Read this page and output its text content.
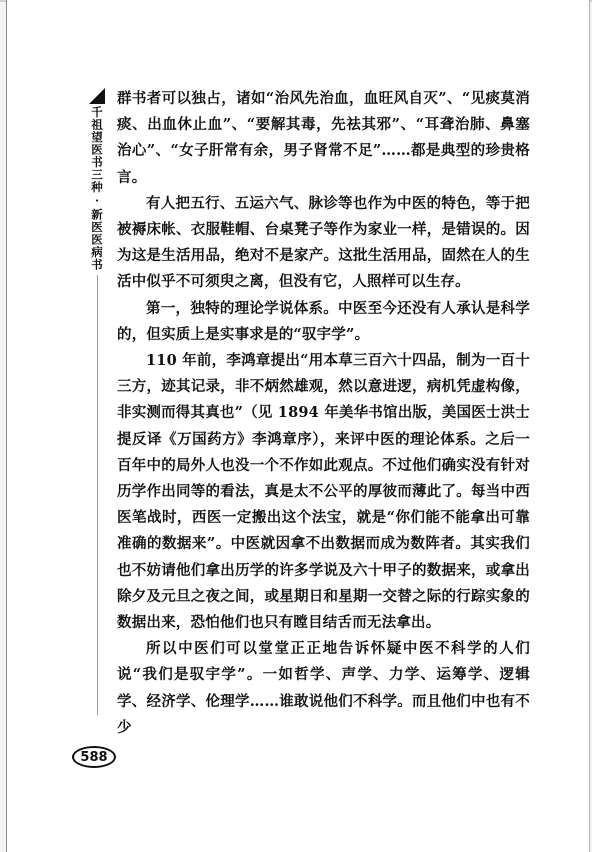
千祖望医书三种·新医医病书

群书者可以独占，诸如“治风先治血，血旺风自灭”、“见痰莫消痰、出血休止血”、“要解其毒，先祛其邪”、“耳聋治肺、鼻塞治心”、“女子肝常有余，男子肾常不足”……都是典型的珍贵格言。

有人把五行、五运六气、脉诊等也作为中医的特色，等于把被褥床帐、衣服鞋帽、台桌凳子等作为家业一样，是错误的。因为这是生活用品，绝对不是家产。这批生活用品，固然在人的生活中似乎不可须臾之离，但没有它，人照样可以生存。

第一，独特的理论学说体系。中医至今还没有人承认是科学的，但实质上是实事求是的“驭宇学”。

110 年前，李鸿章提出“用本草三百六十四品，制为一百十三方，迹其记录，非不炳然雄观，然以意进逻，病机凭虚构像，非实测而得其真也”（见 1894 年美华书馆出版，美国医士洪士提反译《万国药方》李鸿章序），来评中医的理论体系。之后一百年中的局外人也没一个不作如此观点。不过他们确实没有针对历学作出同等的看法，真是太不公平的厚彼而薄此了。每当中西医笔战时，西医一定搬出这个法宝，就是“你们能不能拿出可靠准确的数据来”。中医就因拿不出数据而成为数阵者。其实我们也不妨请他们拿出历学的许多学说及六十甲子的数据来，或拿出除夕及元旦之夜之间，或星期日和星期一交替之际的行踪实象的数据出来，恐怕他们也只有瞠目结舌而无法拿出。

所以中医们可以堂堂正正地告诉怀疑中医不科学的人们说“我们是驭宇学”。一如哲学、声学、力学、运筹学、逻辑学、经济学、伦理学……谁敢说他们不科学。而且他们中也有不少

588
